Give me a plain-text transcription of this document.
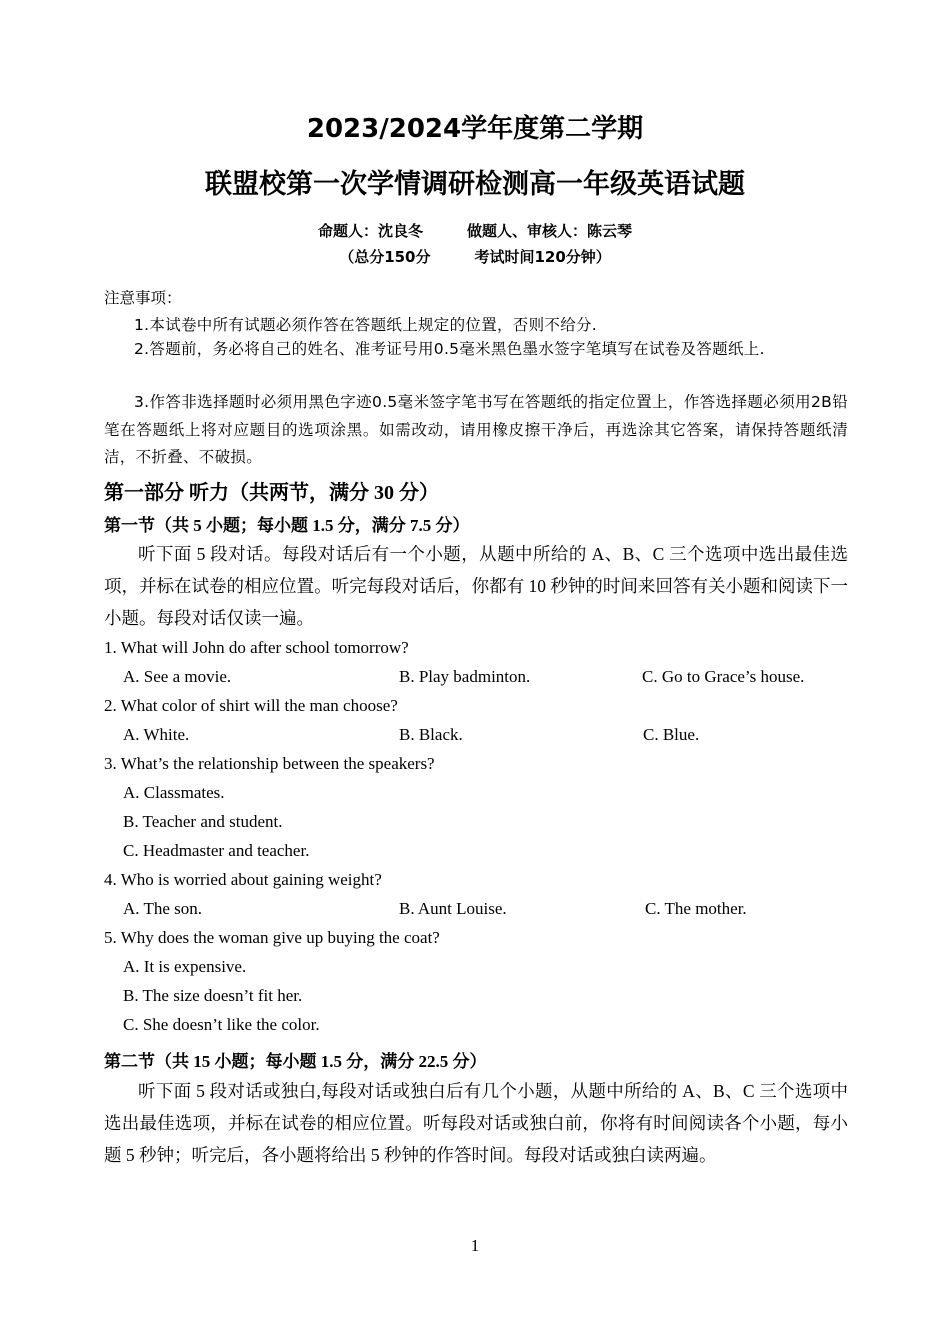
2023/2024学年度第二学期
联盟校第一次学情调研检测高一年级英语试题
命题人：沈良冬	做题人、审核人：陈云琴
（总分150分	考试时间120分钟）
注意事项：
1.本试卷中所有试题必须作答在答题纸上规定的位置，否则不给分.
2.答题前，务必将自己的姓名、准考证号用0.5毫米黑色墨水签字笔填写在试卷及答题纸上.
3.作答非选择题时必须用黑色字迹0.5毫米签字笔书写在答题纸的指定位置上，作答选择题必须用2B铅笔在答题纸上将对应题目的选项涂黑。如需改动，请用橡皮擦干净后，再选涂其它答案，请保持答题纸清洁，不折叠、不破损。
第一部分 听力（共两节，满分 30 分）
第一节（共 5 小题；每小题 1.5 分，满分 7.5 分）
听下面 5 段对话。每段对话后有一个小题，从题中所给的 A、B、C 三个选项中选出最佳选项，并标在试卷的相应位置。听完每段对话后，你都有 10 秒钟的时间来回答有关小题和阅读下一小题。每段对话仅读一遍。
1. What will John do after school tomorrow?
A. See a movie.	B. Play badminton.	C. Go to Grace’s house.
2. What color of shirt will the man choose?
A. White.	B. Black.	C. Blue.
3. What’s the relationship between the speakers?
A. Classmates.
B. Teacher and student.
C. Headmaster and teacher.
4. Who is worried about gaining weight?
A. The son.	B. Aunt Louise.	C. The mother.
5. Why does the woman give up buying the coat?
A. It is expensive.
B. The size doesn’t fit her.
C. She doesn’t like the color.
第二节（共 15 小题；每小题 1.5 分，满分 22.5 分）
听下面 5 段对话或独白,每段对话或独白后有几个小题，从题中所给的 A、B、C 三个选项中选出最佳选项，并标在试卷的相应位置。听每段对话或独白前，你将有时间阅读各个小题，每小题 5 秒钟；听完后，各小题将给出 5 秒钟的作答时间。每段对话或独白读两遍。
1
